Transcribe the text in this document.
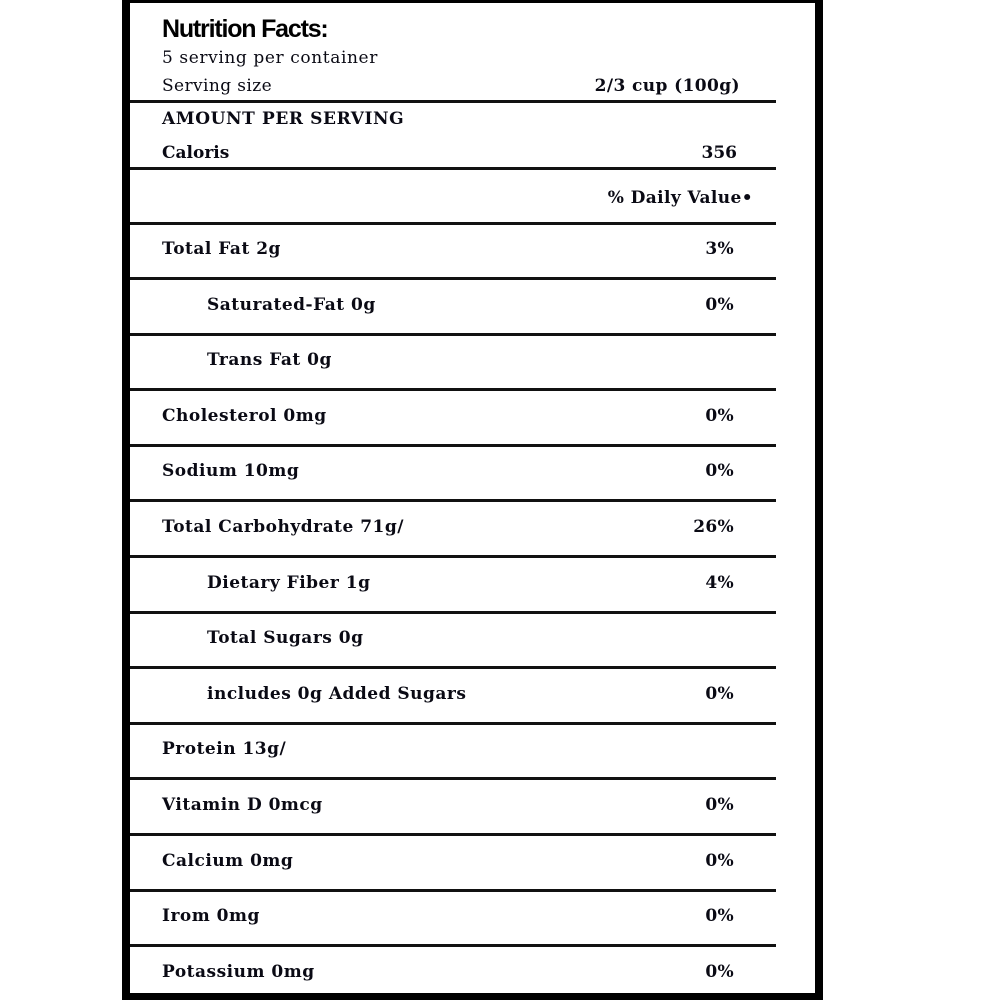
Nutrition Facts:
5 serving per container
Serving size	2/3 cup (100g)
AMOUNT PER SERVING
Caloris	356
% Daily Value•
Total Fat 2g	3%
Saturated-Fat 0g	0%
Trans Fat 0g
Cholesterol 0mg	0%
Sodium 10mg	0%
Total Carbohydrate 71g/	26%
Dietary Fiber 1g	4%
Total Sugars 0g
includes 0g Added Sugars	0%
Protein 13g/
Vitamin D 0mcg	0%
Calcium 0mg	0%
Irom 0mg	0%
Potassium 0mg	0%
